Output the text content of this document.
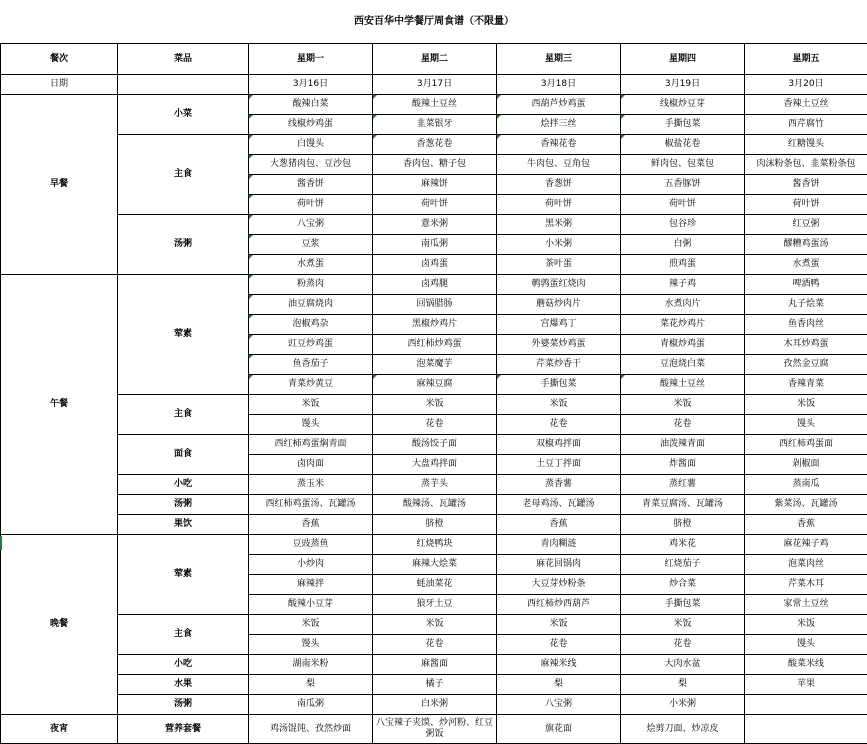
西安百华中学餐厅周食谱（不限量）						
餐次	菜品	星期一	星期二	星期三	星期四	星期五
日期		3月16日	3月17日	3月18日	3月19日	3月20日
早餐	小菜	酸辣白菜	酸辣土豆丝	西葫芦炒鸡蛋	线椒炒豆芽	香辣土豆丝
		线椒炒鸡蛋	韭菜银牙	烩拌三丝	手撕包菜	西芹腐竹
	主食	白馒头	香葱花卷	香辣花卷	椒盐花卷	红糖馒头
		大葱猪肉包、豆沙包	香肉包、糖子包	牛肉包、豆角包	鲜肉包、包菜包	肉沫粉条包、韭菜粉条包
		酱香饼	麻辣饼	香葱饼	五香豚饼	酱香饼
		荷叶饼	荷叶饼	荷叶饼	荷叶饼	荷叶饼
	汤粥	八宝粥	薏米粥	黑米粥	包谷珍	红豆粥
		豆浆	南瓜粥	小米粥	白粥	醪糟鸡蛋汤
		水煮蛋	卤鸡蛋	茶叶蛋	煎鸡蛋	水煮蛋
午餐	荤素	粉蒸肉	卤鸡腿	鹌鹑蛋红烧肉	辣子鸡	啤酒鸭
		油豆腐烧肉	回锅腊肠	蘑菇炒肉片	水煮肉片	丸子烩菜
		泡椒鸡杂	黑椒炒鸡片	宫爆鸡丁	菜花炒鸡片	鱼香肉丝
		豇豆炒鸡蛋	西红柿炒鸡蛋	外婆菜炒鸡蛋	青椒炒鸡蛋	木耳炒鸡蛋
		鱼香茄子	泡菜魔芋	芹菜炒香干	豆泡烧白菜	孜然金豆腐
		青菜炒黄豆	麻辣豆腐	手撕包菜	酸辣土豆丝	香辣青菜
	主食	米饭	米饭	米饭	米饭	米饭
		馒头	花卷	花卷	花卷	馒头
	面食	西红柿鸡蛋焖青面	酸汤饺子面	双椒鸡拌面	油泼辣青面	西红柿鸡蛋面
		卤肉面	大盘鸡拌面	土豆丁拌面	炸酱面	剁椒面
	小吃	蒸玉米	蒸芋头	蒸香薯	蒸红薯	蒸南瓜
	汤粥	西红柿鸡蛋汤、瓦罐汤	酸辣汤、瓦罐汤	老母鸡汤、瓦罐汤	青菜豆腐汤、瓦罐汤	紫菜汤、瓦罐汤
	果饮	香蕉	脐橙	香蕉	脐橙	香蕉
晚餐	荤素	豆豉蒸鱼	红烧鸭块	青肉糊涟	鸡米花	麻花辣子鸡
		小炒肉	麻辣大烩菜	麻花回锅肉	红烧茄子	泡菜肉丝
		麻辣拌	蚝油菜花	大豆芽炒粉条	炒合菜	芹菜木耳
		酸辣小豆芽	狼牙土豆	西红柿炒西葫芦	手撕包菜	家常土豆丝
	主食	米饭	米饭	米饭	米饭	米饭
		馒头	花卷	花卷	花卷	馒头
	小吃	湖南米粉	麻酱面	麻辣米线	大肉水盆	酸菜米线
	水果	梨	橘子	梨	梨	苹果
	汤粥	南瓜粥	白米粥	八宝粥	小米粥	
夜宵	营养套餐	鸡汤馄饨、孜然炒面	八宝辣子夹馍、炒河粉、红豆粥饭	旗花面	烩剪刀面、炒凉皮	
